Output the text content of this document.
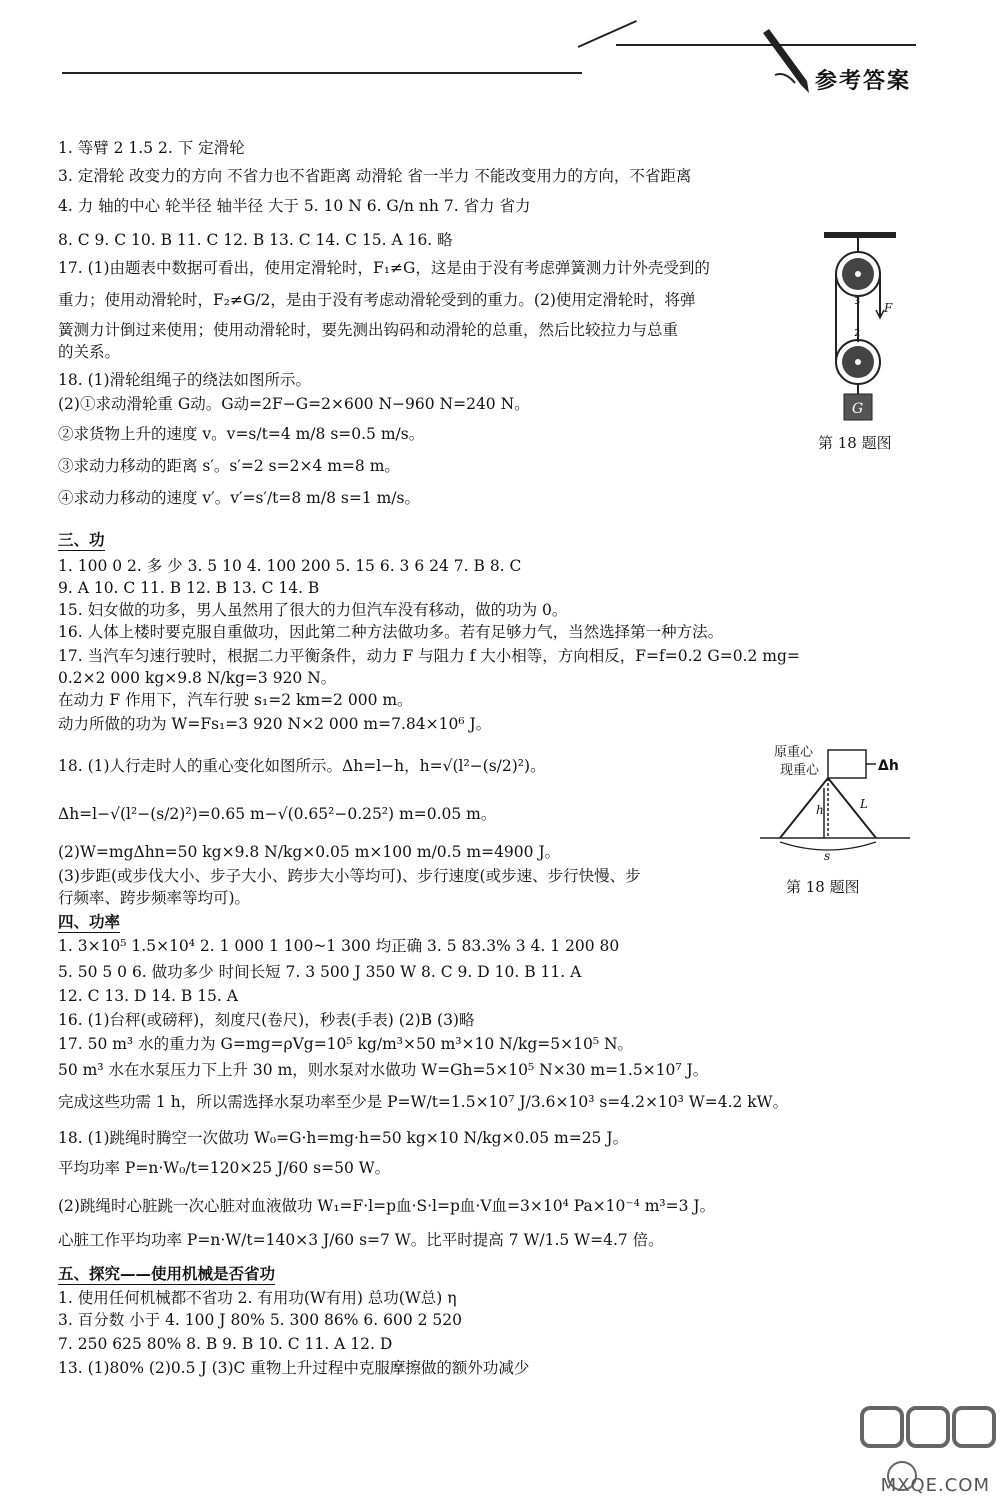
参考答案
1. 等臂 2 1.5 2. 下 定滑轮
3. 定滑轮 改变力的方向 不省力也不省距离 动滑轮 省一半力 不能改变用力的方向，不省距离
4. 力 轴的中心 轮半径 轴半径 大于 5. 10 N 6. G/n nh 7. 省力 省力
8. C 9. C 10. B 11. C 12. B 13. C 14. C 15. A 16. 略
17. (1)由题表中数据可看出，使用定滑轮时，F₁≠G，这是由于没有考虑弹簧测力计外壳受到的
重力；使用动滑轮时，F₂≠G/2，是由于没有考虑动滑轮受到的重力。(2)使用定滑轮时，将弹
簧测力计倒过来使用；使用动滑轮时，要先测出钩码和动滑轮的总重，然后比较拉力与总重
的关系。
18. (1)滑轮组绳子的绕法如图所示。
(2)①求动滑轮重 G动。G动=2F−G=2×600 N−960 N=240 N。
②求货物上升的速度 v。v=s/t=4 m/8 s=0.5 m/s。
③求动力移动的距离 s′。s′=2 s=2×4 m=8 m。
④求动力移动的速度 v′。v′=s′/t=8 m/8 s=1 m/s。
三、功
1. 100 0 2. 多 少 3. 5 10 4. 100 200 5. 15 6. 3 6 24 7. B 8. C
9. A 10. C 11. B 12. B 13. C 14. B
15. 妇女做的功多，男人虽然用了很大的力但汽车没有移动，做的功为 0。
16. 人体上楼时要克服自重做功，因此第二种方法做功多。若有足够力气，当然选择第一种方法。
17. 当汽车匀速行驶时，根据二力平衡条件，动力 F 与阻力 f 大小相等，方向相反，F=f=0.2 G=0.2 mg=
0.2×2 000 kg×9.8 N/kg=3 920 N。
在动力 F 作用下，汽车行驶 s₁=2 km=2 000 m。
动力所做的功为 W=Fs₁=3 920 N×2 000 m=7.84×10⁶ J。
18. (1)人行走时人的重心变化如图所示。Δh=l−h，h=√(l²−(s/2)²)。
Δh=l−√(l²−(s/2)²)=0.65 m−√(0.65²−0.25²) m=0.05 m。
(2)W=mgΔhn=50 kg×9.8 N/kg×0.05 m×100 m/0.5 m=4900 J。
(3)步距(或步伐大小、步子大小、跨步大小等均可)、步行速度(或步速、步行快慢、步
行频率、跨步频率等均可)。
四、功率
1. 3×10⁵ 1.5×10⁴ 2. 1 000 1 100~1 300 均正确 3. 5 83.3% 3 4. 1 200 80
5. 50 5 0 6. 做功多少 时间长短 7. 3 500 J 350 W 8. C 9. D 10. B 11. A
12. C 13. D 14. B 15. A
16. (1)台秤(或磅秤)，刻度尺(卷尺)，秒表(手表) (2)B (3)略
17. 50 m³ 水的重力为 G=mg=ρVg=10⁵ kg/m³×50 m³×10 N/kg=5×10⁵ N。
50 m³ 水在水泵压力下上升 30 m，则水泵对水做功 W=Gh=5×10⁵ N×30 m=1.5×10⁷ J。
完成这些功需 1 h，所以需选择水泵功率至少是 P=W/t=1.5×10⁷ J/3.6×10³ s=4.2×10³ W=4.2 kW。
18. (1)跳绳时腾空一次做功 W₀=G·h=mg·h=50 kg×10 N/kg×0.05 m=25 J。
平均功率 P=n·W₀/t=120×25 J/60 s=50 W。
(2)跳绳时心脏跳一次心脏对血液做功 W₁=F·l=p血·S·l=p血·V血=3×10⁴ Pa×10⁻⁴ m³=3 J。
心脏工作平均功率 P=n·W/t=140×3 J/60 s=7 W。比平时提高 7 W/1.5 W=4.7 倍。
五、探究——使用机械是否省功
1. 使用任何机械都不省功 2. 有用功(W有用) 总功(W总) η
3. 百分数 小于 4. 100 J 80% 5. 300 86% 6. 600 2 520
7. 250 625 80% 8. B 9. B 10. C 11. A 12. D
13. (1)80% (2)0.5 J (3)C 重物上升过程中克服摩擦做的额外功减少
G
F
3
2
第 18 题图
原重心
现重心	Δh
h	L
s
第 18 题图
MXQE.COM
